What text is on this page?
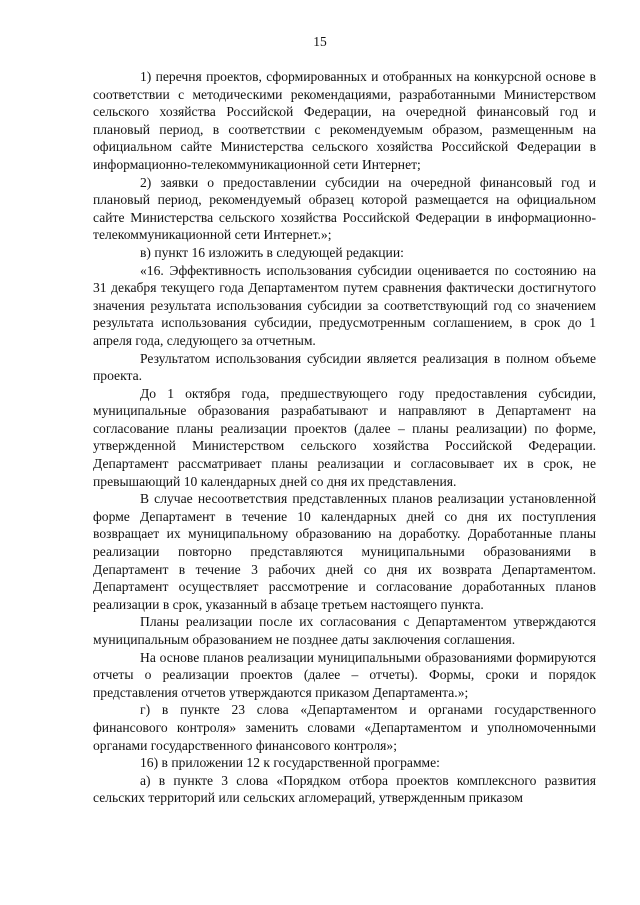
15

1) перечня проектов, сформированных и отобранных на конкурсной основе в соответствии с методическими рекомендациями, разработанными Министерством сельского хозяйства Российской Федерации, на очередной финансовый год и плановый период, в соответствии с рекомендуемым образом, размещенным на официальном сайте Министерства сельского хозяйства Российской Федерации в информационно-телекоммуникационной сети Интернет;

2) заявки о предоставлении субсидии на очередной финансовый год и плановый период, рекомендуемый образец которой размещается на официальном сайте Министерства сельского хозяйства Российской Федерации в информационно-телекоммуникационной сети Интернет.»;

в) пункт 16 изложить в следующей редакции:

«16. Эффективность использования субсидии оценивается по состоянию на 31 декабря текущего года Департаментом путем сравнения фактически достигнутого значения результата использования субсидии за соответствующий год со значением результата использования субсидии, предусмотренным соглашением, в срок до 1 апреля года, следующего за отчетным.

Результатом использования субсидии является реализация в полном объеме проекта.

До 1 октября года, предшествующего году предоставления субсидии, муниципальные образования разрабатывают и направляют в Департамент на согласование планы реализации проектов (далее – планы реализации) по форме, утвержденной Министерством сельского хозяйства Российской Федерации. Департамент рассматривает планы реализации и согласовывает их в срок, не превышающий 10 календарных дней со дня их представления.

В случае несоответствия представленных планов реализации установленной форме Департамент в течение 10 календарных дней со дня их поступления возвращает их муниципальному образованию на доработку. Доработанные планы реализации повторно представляются муниципальными образованиями в Департамент в течение 3 рабочих дней со дня их возврата Департаментом. Департамент осуществляет рассмотрение и согласование доработанных планов реализации в срок, указанный в абзаце третьем настоящего пункта.

Планы реализации после их согласования с Департаментом утверждаются муниципальным образованием не позднее даты заключения соглашения.

На основе планов реализации муниципальными образованиями формируются отчеты о реализации проектов (далее – отчеты). Формы, сроки и порядок представления отчетов утверждаются приказом Департамента.»;

г) в пункте 23 слова «Департаментом и органами государственного финансового контроля» заменить словами «Департаментом и уполномоченными органами государственного финансового контроля»;

16) в приложении 12 к государственной программе:

а) в пункте 3 слова «Порядком отбора проектов комплексного развития сельских территорий или сельских агломераций, утвержденным приказом
